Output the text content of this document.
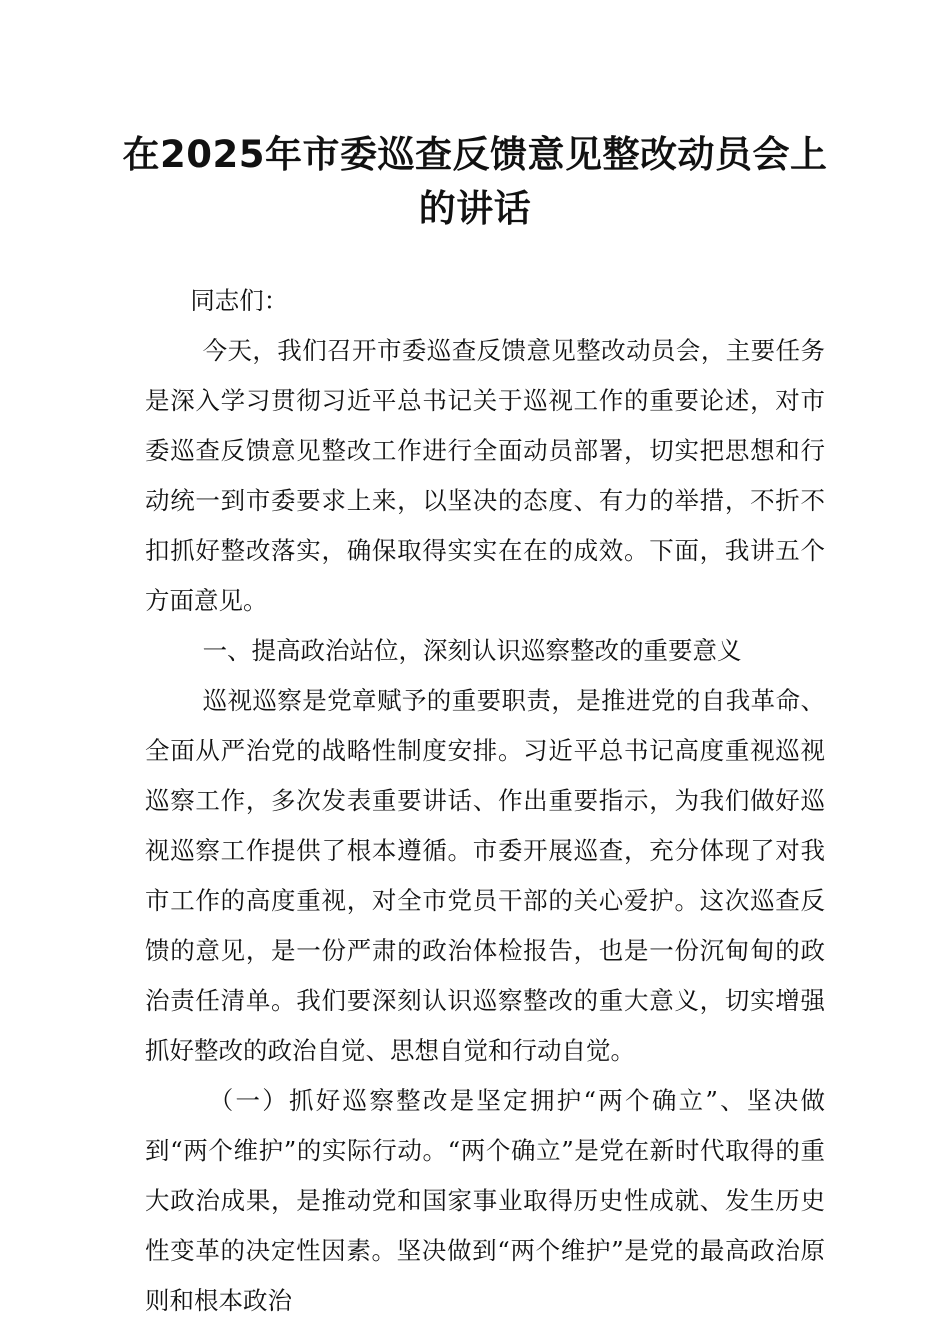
在2025年市委巡查反馈意见整改动员会上
的讲话

同志们：

今天，我们召开市委巡查反馈意见整改动员会，主要任务是深入学习贯彻习近平总书记关于巡视工作的重要论述，对市委巡查反馈意见整改工作进行全面动员部署，切实把思想和行动统一到市委要求上来，以坚决的态度、有力的举措，不折不扣抓好整改落实，确保取得实实在在的成效。下面，我讲五个方面意见。

一、提高政治站位，深刻认识巡察整改的重要意义

巡视巡察是党章赋予的重要职责，是推进党的自我革命、全面从严治党的战略性制度安排。习近平总书记高度重视巡视巡察工作，多次发表重要讲话、作出重要指示，为我们做好巡视巡察工作提供了根本遵循。市委开展巡查，充分体现了对我市工作的高度重视，对全市党员干部的关心爱护。这次巡查反馈的意见，是一份严肃的政治体检报告，也是一份沉甸甸的政治责任清单。我们要深刻认识巡察整改的重大意义，切实增强抓好整改的政治自觉、思想自觉和行动自觉。

（一）抓好巡察整改是坚定拥护“两个确立”、坚决做到“两个维护”的实际行动。“两个确立”是党在新时代取得的重大政治成果，是推动党和国家事业取得历史性成就、发生历史性变革的决定性因素。坚决做到“两个维护”是党的最高政治原则和根本政治
